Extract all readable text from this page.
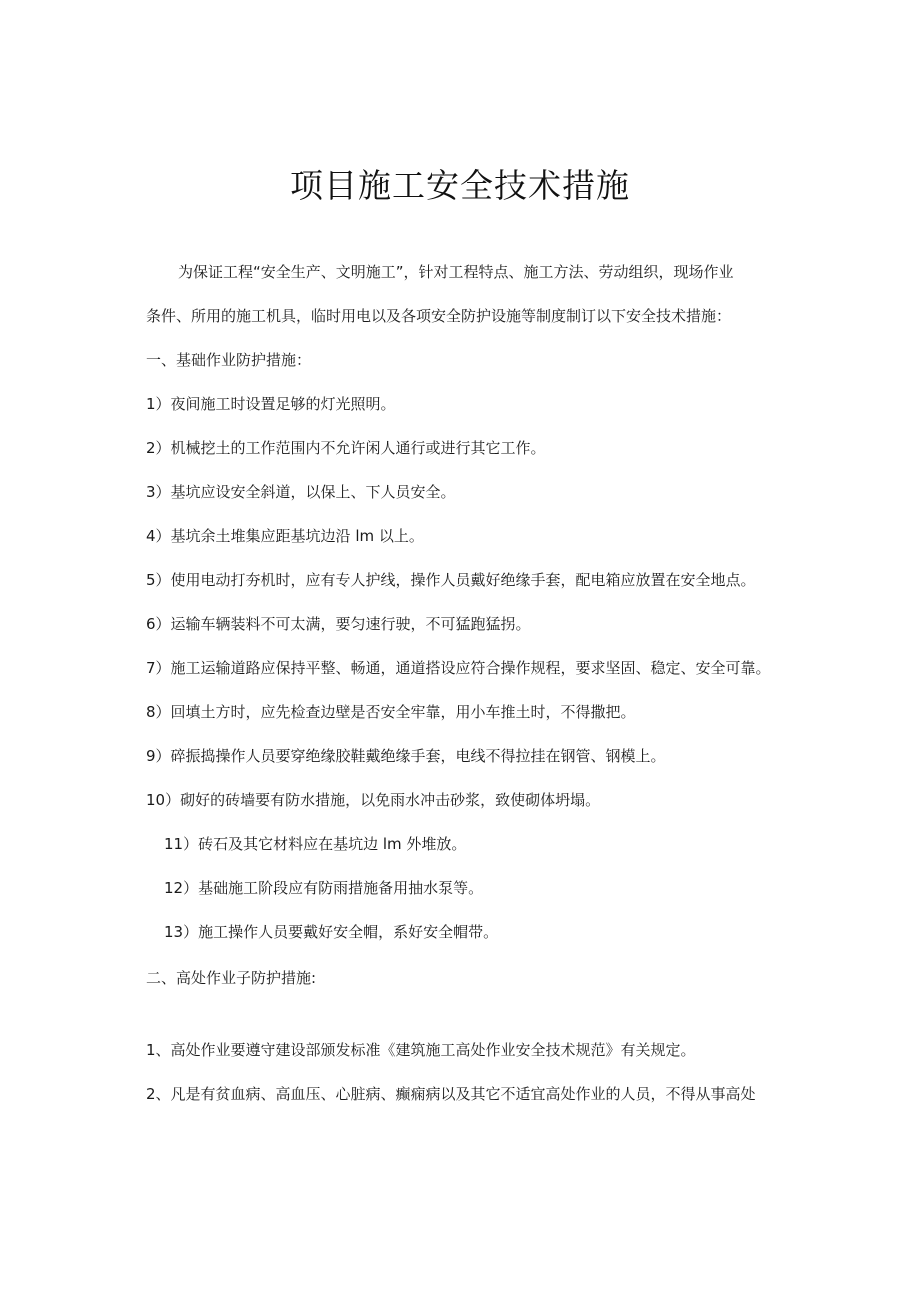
项目施工安全技术措施
为保证工程“安全生产、文明施工”，针对工程特点、施工方法、劳动组织，现场作业
条件、所用的施工机具，临时用电以及各项安全防护设施等制度制订以下安全技术措施：
一、基础作业防护措施：
1）夜间施工时设置足够的灯光照明。
2）机械挖土的工作范围内不允许闲人通行或进行其它工作。
3）基坑应设安全斜道，以保上、下人员安全。
4）基坑余土堆集应距基坑边沿 lm 以上。
5）使用电动打夯机时，应有专人护线，操作人员戴好绝缘手套，配电箱应放置在安全地点。
6）运输车辆装料不可太满，要匀速行驶，不可猛跑猛拐。
7）施工运输道路应保持平整、畅通，通道搭设应符合操作规程，要求坚固、稳定、安全可靠。
8）回填土方时，应先检查边壁是否安全牢靠，用小车推土时，不得撒把。
9）碎振捣操作人员要穿绝缘胶鞋戴绝缘手套，电线不得拉挂在钢管、钢模上。
10）砌好的砖墙要有防水措施，以免雨水冲击砂浆，致使砌体坍塌。
11）砖石及其它材料应在基坑边 lm 外堆放。
12）基础施工阶段应有防雨措施备用抽水泵等。
13）施工操作人员要戴好安全帽，系好安全帽带。
二、高处作业子防护措施:
1、高处作业要遵守建设部颁发标准《建筑施工高处作业安全技术规范》有关规定。
2、凡是有贫血病、高血压、心脏病、癫痫病以及其它不适宜高处作业的人员，不得从事高处
